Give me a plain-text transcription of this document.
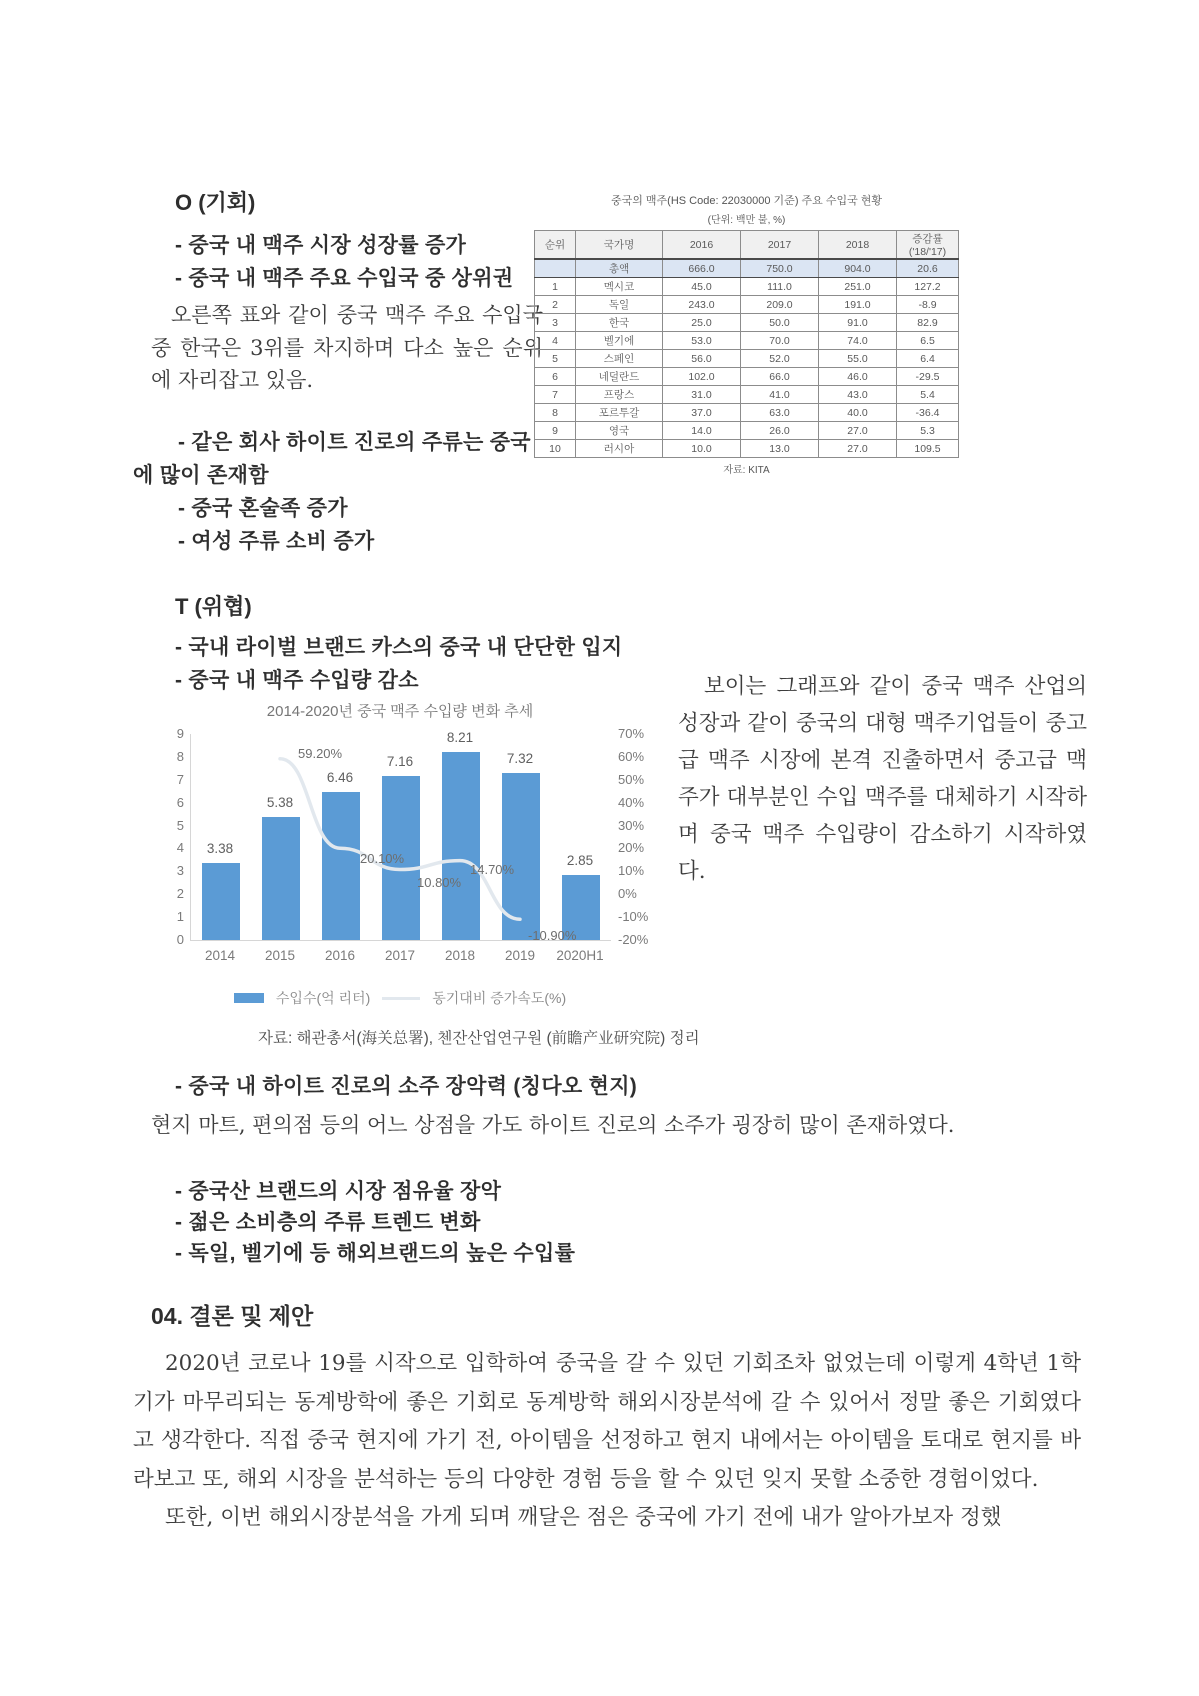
O (기회)
- 중국 내 맥주 시장 성장률 증가
- 중국 내 맥주 주요 수입국 중 상위권

오른쪽 표와 같이 중국 맥주 주요 수입국 중 한국은 3위를 차지하며 다소 높은 순위에 자리잡고 있음.

중국의 맥주(HS Code: 22030000 기준) 주요 수입국 현황
(단위: 백만 불, %)
순위	국가명	2016	2017	2018	증감률('18/'17)
	총액	666.0	750.0	904.0	20.6
1	멕시코	45.0	111.0	251.0	127.2
2	독일	243.0	209.0	191.0	-8.9
3	한국	25.0	50.0	91.0	82.9
4	벨기에	53.0	70.0	74.0	6.5
5	스페인	56.0	52.0	55.0	6.4
6	네덜란드	102.0	66.0	46.0	-29.5
7	프랑스	31.0	41.0	43.0	5.4
8	포르투갈	37.0	63.0	40.0	-36.4
9	영국	14.0	26.0	27.0	5.3
10	러시아	10.0	13.0	27.0	109.5
자료: KITA
- 같은 회사 하이트 진로의 주류는 중국에 많이 존재함
- 중국 혼술족 증가
- 여성 주류 소비 증가
T (위협)
- 국내 라이벌 브랜드 카스의 중국 내 단단한 입지
- 중국 내 맥주 수입량 감소
2014-2020년 중국 맥주 수입량 변화 추세
수입수(억 리터)	동기대비 증가속도(%)
3.38
2014
5.38
2015
6.46
2016
7.16
2017
8.21
2018
7.32
2019
2.85
2020H1
9
8
7
6
5
4
3
2
1
0
70%
60%
50%
40%
30%
20%
10%
0%
-10%
-20%
59.20%
20.10%
10.80%
14.70%
-10.90%

보이는 그래프와 같이 중국 맥주 산업의 성장과 같이 중국의 대형 맥주기업들이 중고급 맥주 시장에 본격 진출하면서 중고급 맥주가 대부분인 수입 맥주를 대체하기 시작하며 중국 맥주 수입량이 감소하기 시작하였다.

자료: 해관총서(海关总署), 첸잔산업연구원 (前瞻产业研究院) 정리
- 중국 내 하이트 진로의 소주 장악력 (칭다오 현지)

현지 마트, 편의점 등의 어느 상점을 가도 하이트 진로의 소주가 굉장히 많이 존재하였다.

- 중국산 브랜드의 시장 점유율 장악
- 젊은 소비층의 주류 트렌드 변화
- 독일, 벨기에 등 해외브랜드의 높은 수입률
04. 결론 및 제안

2020년 코로나 19를 시작으로 입학하여 중국을 갈 수 있던 기회조차 없었는데 이렇게 4학년 1학기가 마무리되는 동계방학에 좋은 기회로 동계방학 해외시장분석에 갈 수 있어서 정말 좋은 기회였다고 생각한다. 직접 중국 현지에 가기 전, 아이템을 선정하고 현지 내에서는 아이템을 토대로 현지를 바라보고 또, 해외 시장을 분석하는 등의 다양한 경험 등을 할 수 있던 잊지 못할 소중한 경험이었다.

또한, 이번 해외시장분석을 가게 되며 깨달은 점은 중국에 가기 전에 내가 알아가보자 정했
